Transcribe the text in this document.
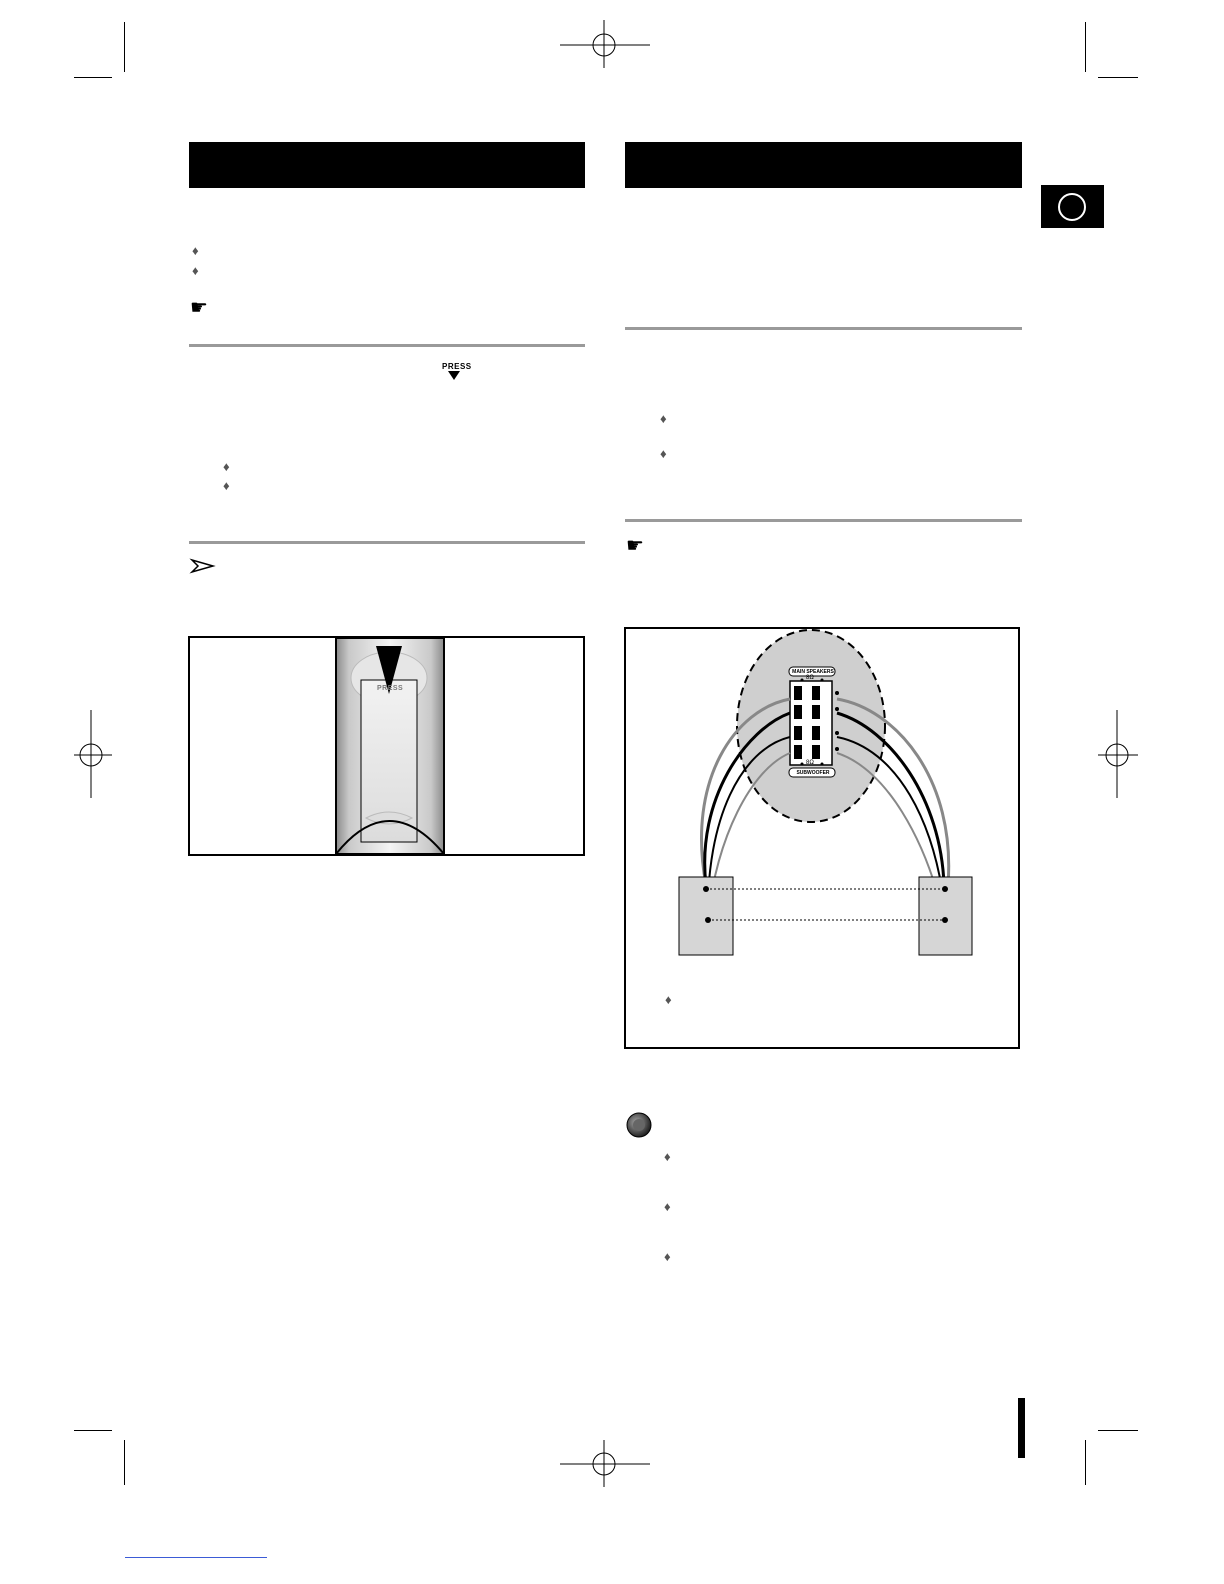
♦
♦
☛
PRESS
♦
♦
PRESS
♦
♦
☛
MAIN SPEAKERS
SUBWOOFER
8Ω
8Ω
♦
♦
♦
♦
